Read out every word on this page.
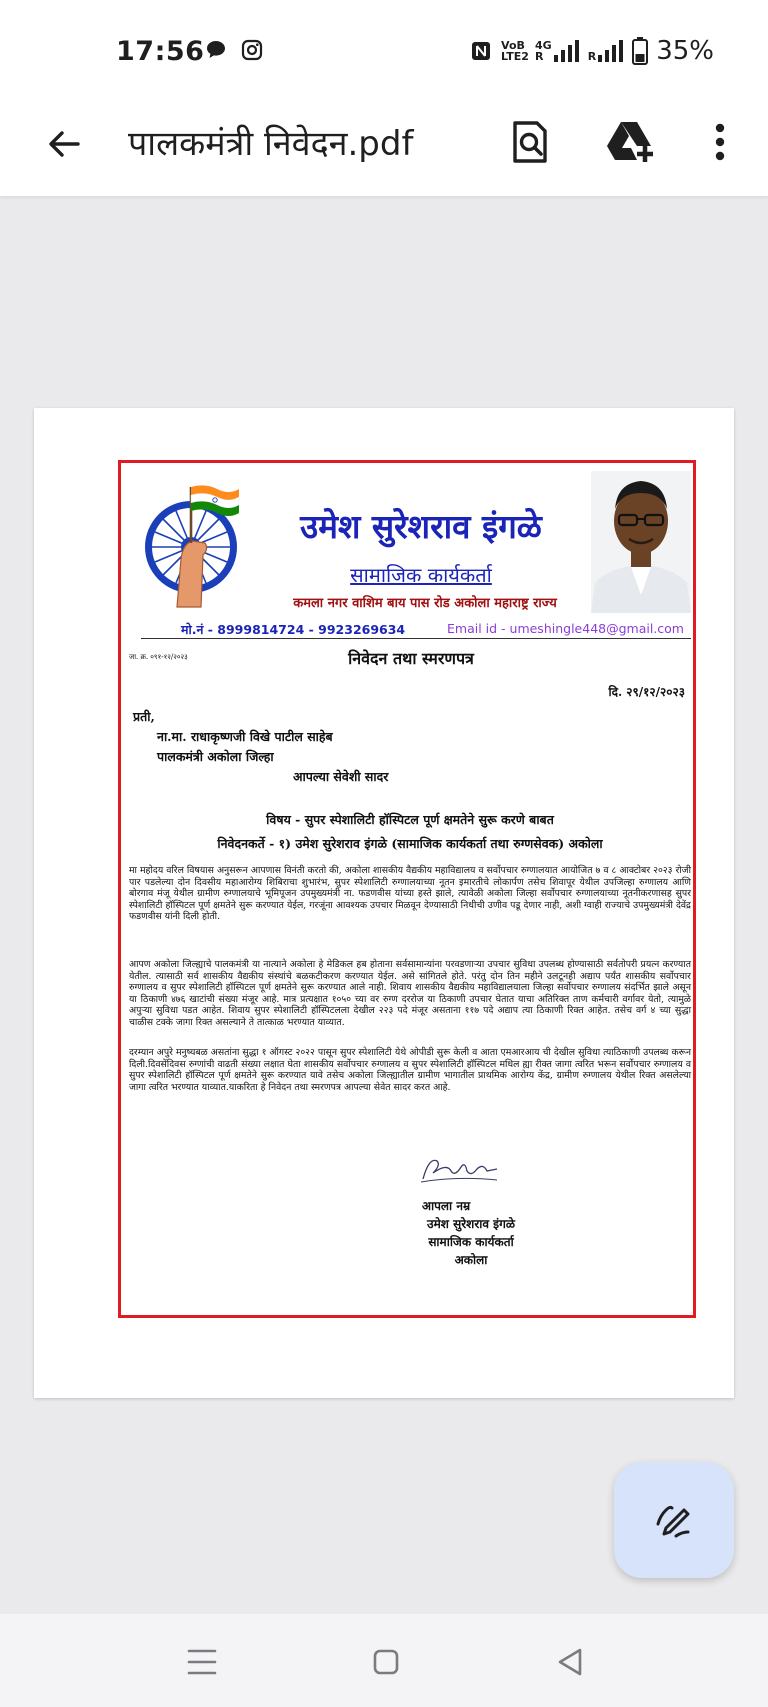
17:56	VoB
LTE2
4G
R	R 35%
पालकमंत्री निवेदन.pdf
उमेश सुरेशराव इंगळे
सामाजिक कार्यकर्ता
कमला नगर वाशिम बाय पास रोड अकोला महाराष्ट्र राज्य
मो.नं - 8999814724 - 9923269634	Email id - umeshingle448@gmail.com
जा. क्र. ०९१-१२/२०२३	निवेदन तथा स्मरणपत्र
दि. २९/१२/२०२३
प्रती,
ना.मा. राधाकृष्णजी विखे पाटील साहेब
पालकमंत्री अकोला जिल्हा
आपल्या सेवेशी सादर
विषय - सुपर स्पेशालिटी हॉस्पिटल पूर्ण क्षमतेने सुरू करणे बाबत
निवेदनकर्ते - १) उमेश सुरेशराव इंगळे (सामाजिक कार्यकर्ता तथा रुग्णसेवक) अकोला
मा महोदय वरिल विषयास अनुसरून आपणास विनंती करतो की, अकोला शासकीय वैद्यकीय महाविद्यालय व सर्वोपचार रुग्णालयात आयोजित ७ व ८ आक्टोबर २०२३ रोजी पार पडलेल्या दोन दिवसीय महाआरोग्य शिबिराचा शुभारंभ, सुपर स्पेशालिटी रुग्णालयाच्या नूतन इमारतीचे लोकार्पण तसेच शिवापूर येथील उपजिल्हा रुग्णालय आणि बोरगाव मंजू येथील ग्रामीण रुग्णालयाचे भूमिपूजन उपमुख्यमंत्री ना. फडणवीस यांच्या हस्ते झाले, त्यावेळी अकोला जिल्हा सर्वोपचार रुग्णालयाच्या नूतनीकरणासह सुपर स्पेशालिटी हॉस्पिटल पूर्ण क्षमतेने सुरू करण्यात येईल, गरजूंना आवश्यक उपचार मिळवून देण्यासाठी निधीची उणीव पडू देणार नाही, अशी ग्वाही राज्याचे उपमुख्यमंत्री देवेंद्र फडणवीस यांनी दिली होती.
आपण अकोला जिल्ह्याचे पालकमंत्री या नात्याने अकोला हे मेडिकल हब होताना सर्वसामान्यांना परवडणाऱ्या उपचार सुविधा उपलब्ध होण्यासाठी सर्वतोपरी प्रयत्न करण्यात येतील. त्यासाठी सर्व शासकीय वैद्यकीय संस्थांचे बळकटीकरण करण्यात येईल. असे सांगितले होते. परंतु दोन तिन महीने उलटूनही अद्याप पर्यंत शासकीय सर्वोपचार रुग्णालय व सुपर स्पेशालिटी हॉस्पिटल पूर्ण क्षमतेने सुरू करण्यात आले नाही. शिवाय शासकीय वैद्यकीय महाविद्यालयाला जिल्हा सर्वोपचार रुग्णालय संदर्भित झाले असून या ठिकाणी ४७६ खाटांची संख्या मंजूर आहे. मात्र प्रत्यक्षात १०५० च्या वर रुग्ण दररोज या ठिकाणी उपचार घेतात याचा अतिरिक्त ताण कर्मचारी वर्गावर येतो, त्यामुळे अपुऱ्या सुविधा पडत आहेत. शिवाय सुपर स्पेशालिटी हॉस्पिटलला देखील २२३ पदे मंजूर असताना ११७ पदे अद्याप त्या ठिकाणी रिक्त आहेत. तसेच वर्ग ४ च्या सुद्धा चाळीस टक्के जागा रिक्त असल्याने ते तात्काळ भरण्यात याव्यात.
दरम्यान अपुरे मनुष्यबळ असतांना सुद्धा १ ऑगस्ट २०२२ पासून सुपर स्पेशालिटी येथे ओपीडी सुरू केली व आता एमआरआय ची देखील सुविधा त्याठिकाणी उपलब्ध करून दिली.दिवसेंदिवस रुग्णांची वाढती संख्या लक्षात घेता शासकीय सर्वोपचार रुग्णालय व सुपर स्पेशालिटी हॉस्पिटल मधिल ह्या रीक्त जागा त्वरित भरून सर्वोपचार रुग्णालय व सुपर स्पेशालिटी हॉस्पिटल पूर्ण क्षमतेने सुरू करण्यात यावे तसेच अकोला जिल्ह्यातील ग्रामीण भागातील प्राथमिक आरोग्य केंद्र, ग्रामीण रुग्णालय येथील रिक्त असलेल्या जागा त्वरित भरण्यात याव्यात.याकरिता हे निवेदन तथा स्मरणपत्र आपल्या सेवेत सादर करत आहे.
आपला नम्र
उमेश सुरेशराव इंगळे
सामाजिक कार्यकर्ता
अकोला
